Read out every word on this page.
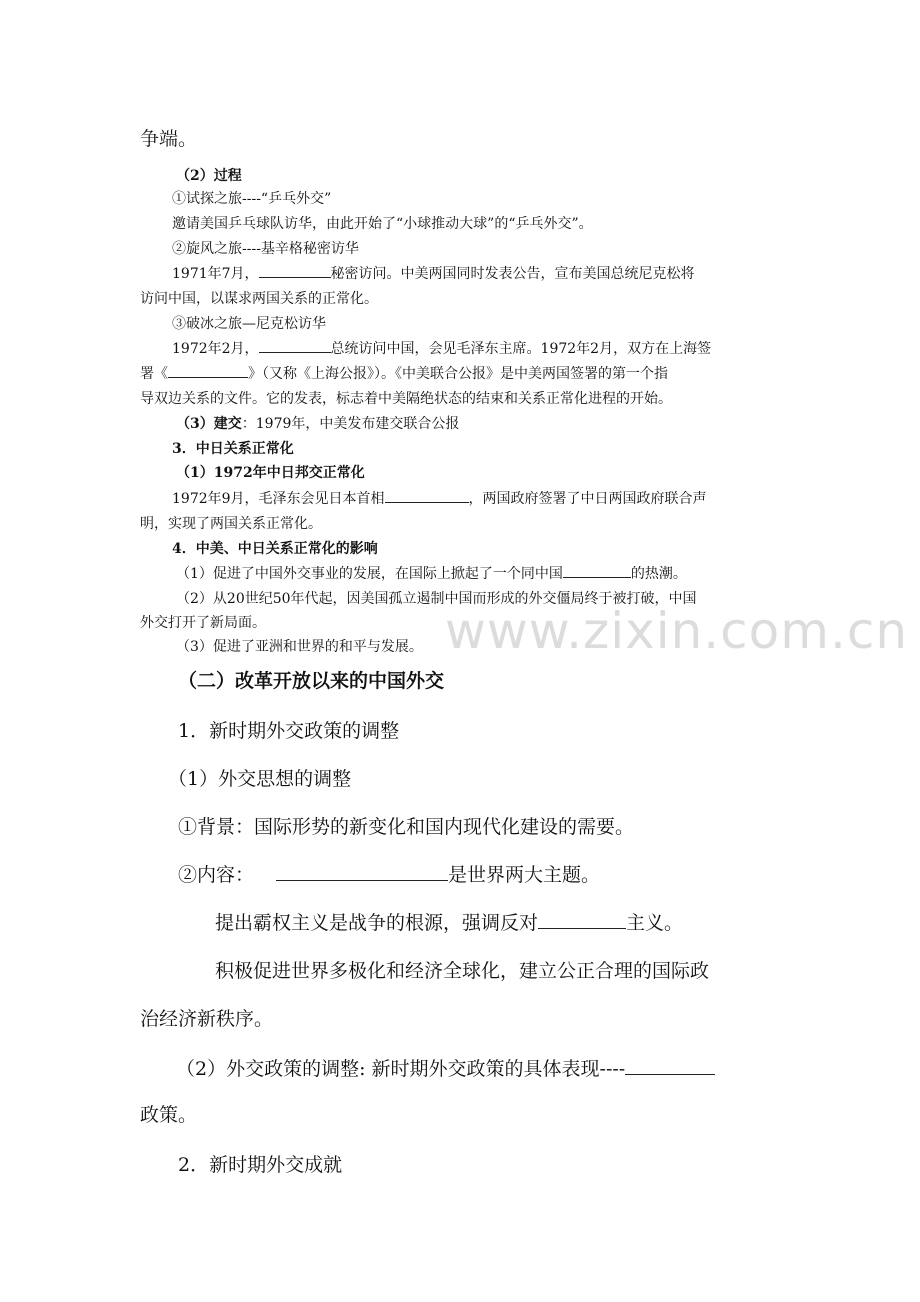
www.zixin.com.cn

争端。

（2）过程

①试探之旅----“乒乓外交”

邀请美国乒乓球队访华，由此开始了“小球推动大球”的“乒乓外交”。

②旋风之旅----基辛格秘密访华

1971年7月，	秘密访问。中美两国同时发表公告，宣布美国总统尼克松将

访问中国，以谋求两国关系的正常化。

③破冰之旅—尼克松访华

1972年2月，	总统访问中国，会见毛泽东主席。1972年2月，双方在上海签

署《	》（又称《上海公报》）。《中美联合公报》是中美两国签署的第一个指

导双边关系的文件。它的发表，标志着中美隔绝状态的结束和关系正常化进程的开始。

（3）建交：1979年，中美发布建交联合公报

3．中日关系正常化

（1）1972年中日邦交正常化

1972年9月，毛泽东会见日本首相	，两国政府签署了中日两国政府联合声

明，实现了两国关系正常化。

4．中美、中日关系正常化的影响

（1）促进了中国外交事业的发展，在国际上掀起了一个同中国	的热潮。

（2）从20世纪50年代起，因美国孤立遏制中国而形成的外交僵局终于被打破，中国

外交打开了新局面。

（3）促进了亚洲和世界的和平与发展。

（二）改革开放以来的中国外交

1．新时期外交政策的调整

（1）外交思想的调整

①背景：国际形势的新变化和国内现代化建设的需要。

②内容：	是世界两大主题。

提出霸权主义是战争的根源，强调反对	主义。

积极促进世界多极化和经济全球化，建立公正合理的国际政

治经济新秩序。

（2）外交政策的调整: 新时期外交政策的具体表现----

政策。

2．新时期外交成就
